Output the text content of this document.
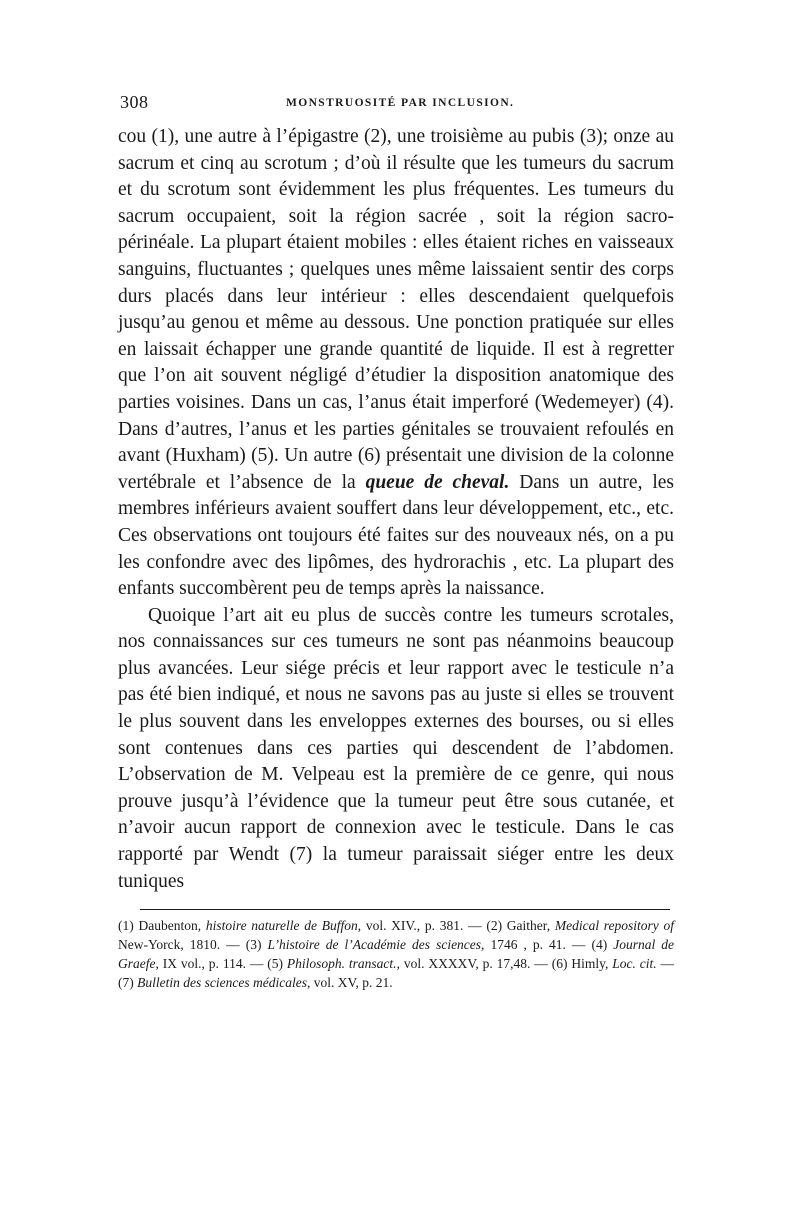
308	MONSTRUOSITÉ PAR INCLUSION.

cou (1), une autre à l’épigastre (2), une troisième au pubis (3); onze au sacrum et cinq au scrotum ; d’où il résulte que les tumeurs du sacrum et du scrotum sont évidemment les plus fréquentes. Les tumeurs du sacrum occupaient, soit la région sacrée , soit la région sacro-périnéale. La plupart étaient mobiles : elles étaient riches en vaisseaux sanguins, fluctuantes ; quelques unes même laissaient sentir des corps durs placés dans leur intérieur : elles descendaient quelquefois jusqu’au genou et même au dessous. Une ponction pratiquée sur elles en laissait échapper une grande quantité de liquide. Il est à regretter que l’on ait souvent négligé d’étudier la disposition anatomique des parties voisines. Dans un cas, l’anus était imperforé (Wedemeyer) (4). Dans d’autres, l’anus et les parties génitales se trouvaient refoulés en avant (Huxham) (5). Un autre (6) présentait une division de la colonne vertébrale et l’absence de la queue de cheval. Dans un autre, les membres inférieurs avaient souffert dans leur développement, etc., etc. Ces observations ont toujours été faites sur des nouveaux nés, on a pu les confondre avec des lipômes, des hydrorachis , etc. La plupart des enfants succombèrent peu de temps après la naissance.

Quoique l’art ait eu plus de succès contre les tumeurs scrotales, nos connaissances sur ces tumeurs ne sont pas néanmoins beaucoup plus avancées. Leur siége précis et leur rapport avec le testicule n’a pas été bien indiqué, et nous ne savons pas au juste si elles se trouvent le plus souvent dans les enveloppes externes des bourses, ou si elles sont contenues dans ces parties qui descendent de l’abdomen. L’observation de M. Velpeau est la première de ce genre, qui nous prouve jusqu’à l’évidence que la tumeur peut être sous cutanée, et n’avoir aucun rapport de connexion avec le testicule. Dans le cas rapporté par Wendt (7) la tumeur paraissait siéger entre les deux tuniques

(1) Daubenton, histoire naturelle de Buffon, vol. XIV., p. 381. — (2) Gaither, Medical repository of New-Yorck, 1810. — (3) L’histoire de l’Académie des sciences, 1746 , p. 41. — (4) Journal de Graefe, IX vol., p. 114. — (5) Philosoph. transact., vol. XXXXV, p. 17,48. — (6) Himly, Loc. cit. — (7) Bulletin des sciences médicales, vol. XV, p. 21.
